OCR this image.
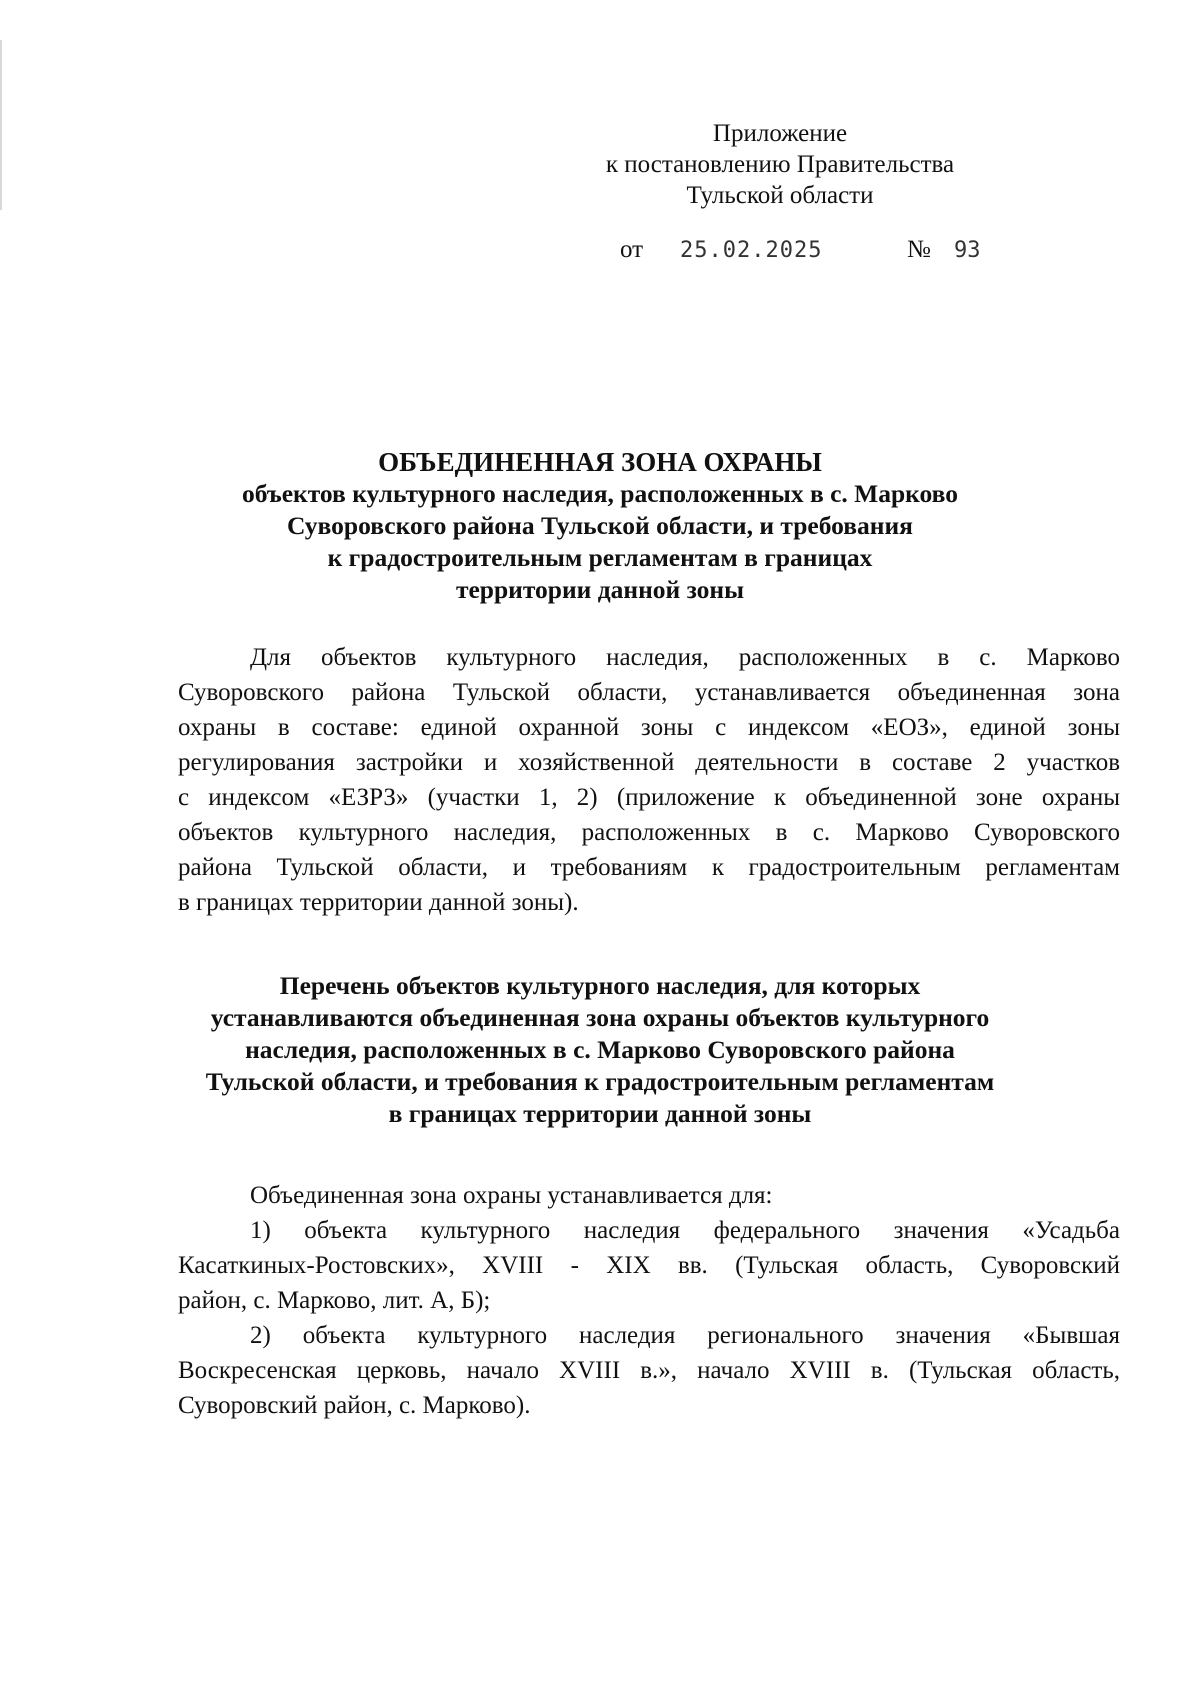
Приложение
к постановлению Правительства
Тульской области
от 25.02.2025	№ 93
ОБЪЕДИНЕННАЯ ЗОНА ОХРАНЫ
объектов культурного наследия, расположенных в с. Марково
Суворовского района Тульской области, и требования
к градостроительным регламентам в границах
территории данной зоны
Для объектов культурного наследия, расположенных в с. Марково
Суворовского района Тульской области, устанавливается объединенная зона
охраны в составе: единой охранной зоны с индексом «ЕОЗ», единой зоны
регулирования застройки и хозяйственной деятельности в составе 2 участков
с индексом «ЕЗРЗ» (участки 1, 2) (приложение к объединенной зоне охраны
объектов культурного наследия, расположенных в с. Марково Суворовского
района Тульской области, и требованиям к градостроительным регламентам
в границах территории данной зоны).
Перечень объектов культурного наследия, для которых
устанавливаются объединенная зона охраны объектов культурного
наследия, расположенных в с. Марково Суворовского района
Тульской области, и требования к градостроительным регламентам
в границах территории данной зоны
Объединенная зона охраны устанавливается для:
1) объекта культурного наследия федерального значения «Усадьба
Касаткиных-Ростовских», XVIII - XIX вв. (Тульская область, Суворовский
район, с. Марково, лит. А, Б);
2) объекта культурного наследия регионального значения «Бывшая
Воскресенская церковь, начало XVIII в.», начало XVIII в. (Тульская область,
Суворовский район, с. Марково).
